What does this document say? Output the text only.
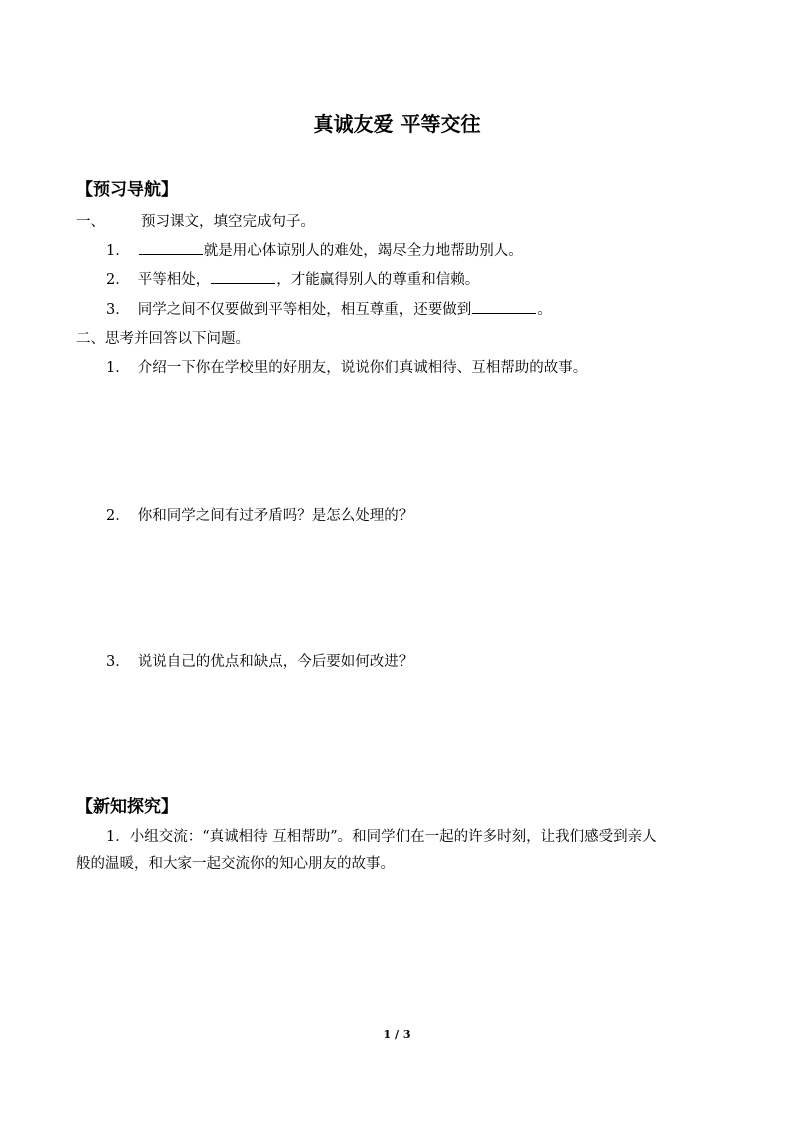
真诚友爱 平等交往
【预习导航】
一、 预习课文，填空完成句子。
1．	就是用心体谅别人的难处，竭尽全力地帮助别人。
2． 平等相处，	，才能赢得别人的尊重和信赖。
3． 同学之间不仅要做到平等相处，相互尊重，还要做到	。
二、思考并回答以下问题。
1． 介绍一下你在学校里的好朋友，说说你们真诚相待、互相帮助的故事。
2． 你和同学之间有过矛盾吗？是怎么处理的？
3． 说说自己的优点和缺点，今后要如何改进？
【新知探究】
1．小组交流：“真诚相待 互相帮助”。和同学们在一起的许多时刻，让我们感受到亲人
般的温暖，和大家一起交流你的知心朋友的故事。
1 / 3
